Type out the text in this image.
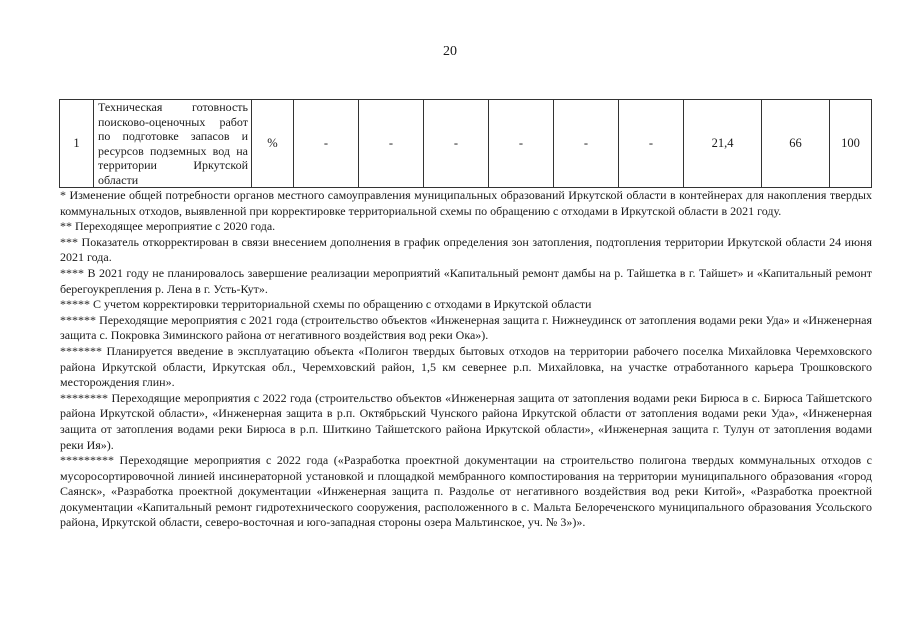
20
1	Техническая готовность поисково-оценочных работ по подготовке запасов и ресурсов подземных вод на территории Иркутской области	%	-	-	-	-	-	-	21,4	66	100

* Изменение общей потребности органов местного самоуправления муниципальных образований Иркутской области в контейнерах для накопления твердых коммунальных отходов, выявленной при корректировке территориальной схемы по обращению с отходами в Иркутской области в 2021 году.

** Переходящее мероприятие с 2020 года.

*** Показатель откорректирован в связи внесением дополнения в график определения зон затопления, подтопления территории Иркутской области 24 июня 2021 года.

**** В 2021 году не планировалось завершение реализации мероприятий «Капитальный ремонт дамбы на р. Тайшетка в г. Тайшет» и «Капитальный ремонт берегоукрепления р. Лена в г. Усть-Кут».

***** С учетом корректировки территориальной схемы по обращению с отходами в Иркутской области

****** Переходящие мероприятия с 2021 года (строительство объектов «Инженерная защита г. Нижнеудинск от затопления водами реки Уда» и «Инженерная защита с. Покровка Зиминского района от негативного воздействия вод реки Ока»).

******* Планируется введение в эксплуатацию объекта «Полигон твердых бытовых отходов на территории рабочего поселка Михайловка Черемховского района Иркутской области, Иркутская обл., Черемховский район, 1,5 км севернее р.п. Михайловка, на участке отработанного карьера Трошковского месторождения глин».

******** Переходящие мероприятия с 2022 года (строительство объектов «Инженерная защита от затопления водами реки Бирюса в с. Бирюса Тайшетского района Иркутской области», «Инженерная защита в р.п. Октябрьский Чунского района Иркутской области от затопления водами реки Уда», «Инженерная защита от затопления водами реки Бирюса в р.п. Шиткино Тайшетского района Иркутской области», «Инженерная защита г. Тулун от затопления водами реки Ия»).

********* Переходящие мероприятия с 2022 года («Разработка проектной документации на строительство полигона твердых коммунальных отходов с мусоросортировочной линией инсинераторной установкой и площадкой мембранного компостирования на территории муниципального образования «город Саянск», «Разработка проектной документации «Инженерная защита п. Раздолье от негативного воздействия вод реки Китой», «Разработка проектной документации «Капитальный ремонт гидротехнического сооружения, расположенного в с. Мальта Белореченского муниципального образования Усольского района, Иркутской области, северо-восточная и юго-западная стороны озера Мальтинское, уч. № 3»)».
